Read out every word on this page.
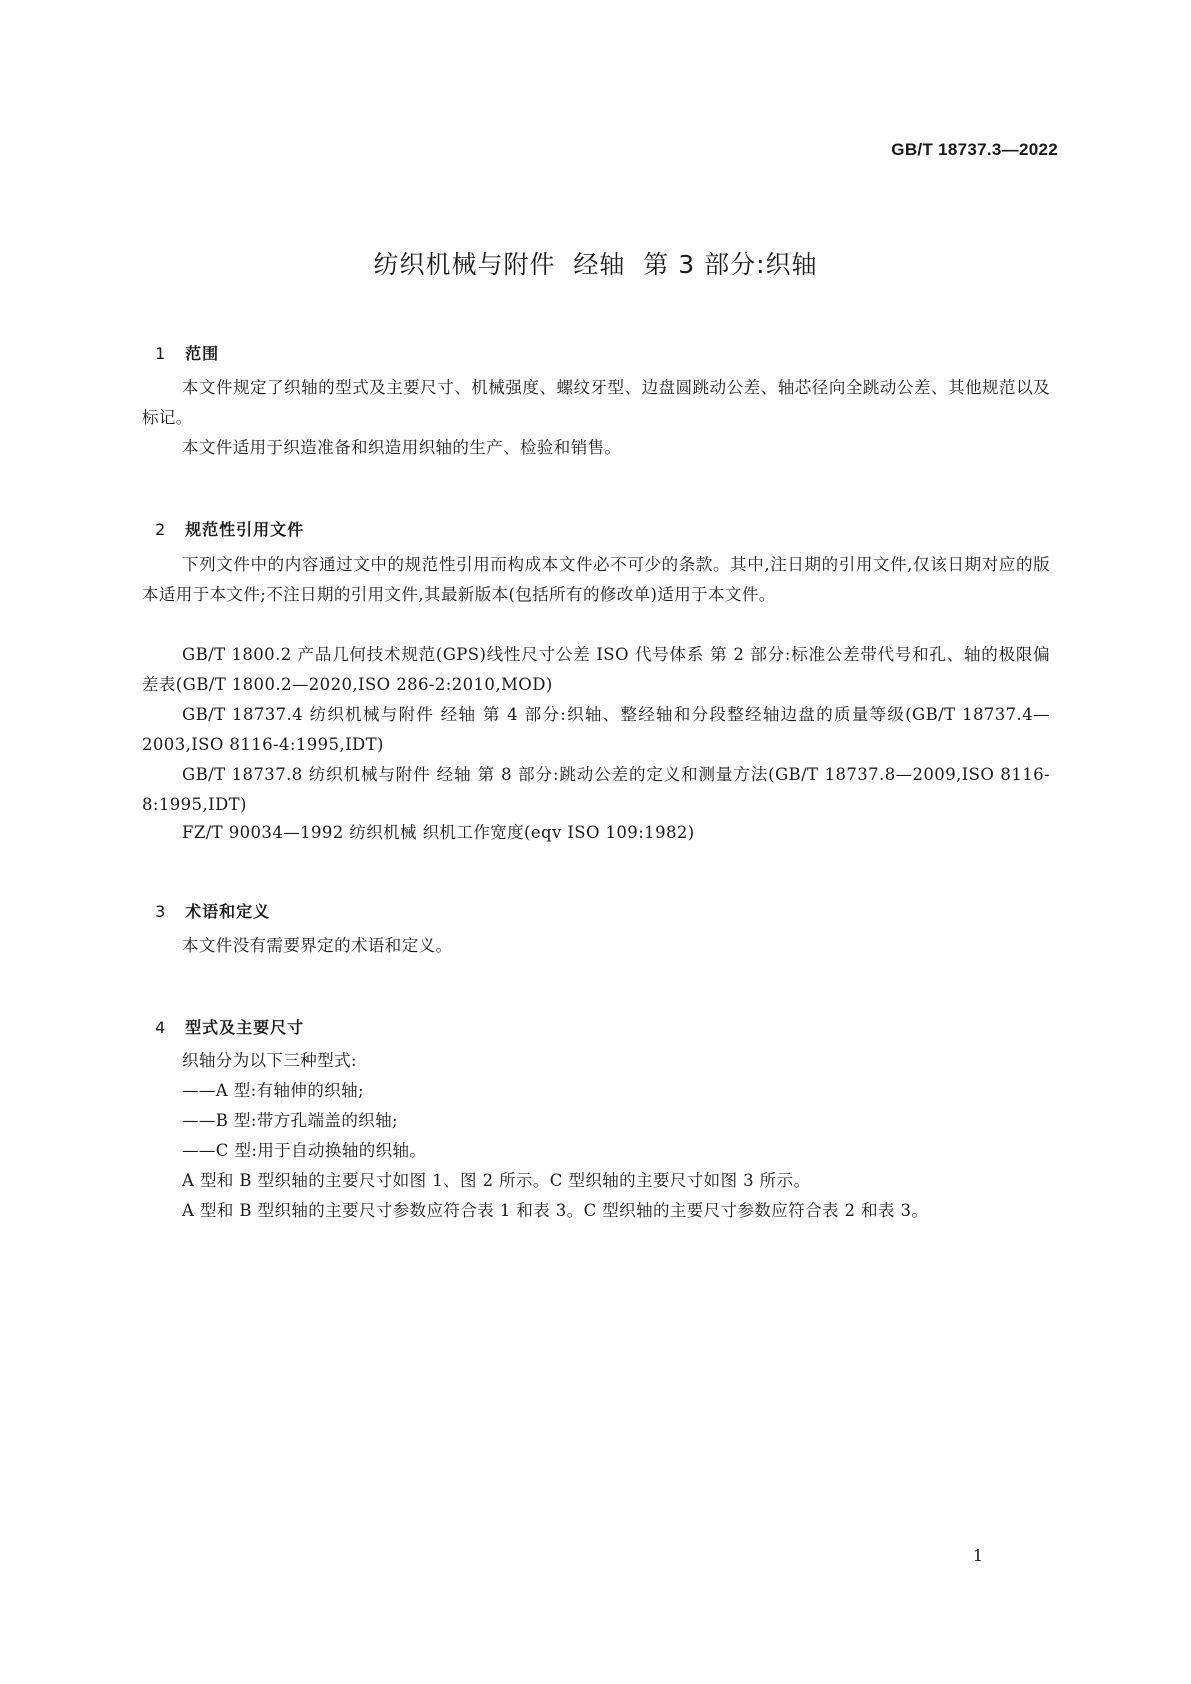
GB/T 18737.3—2022
纺织机械与附件  经轴  第 3 部分:织轴

1 范围

本文件规定了织轴的型式及主要尺寸、机械强度、螺纹牙型、边盘圆跳动公差、轴芯径向全跳动公差、其他规范以及标记。
本文件适用于织造准备和织造用织轴的生产、检验和销售。

2 规范性引用文件

下列文件中的内容通过文中的规范性引用而构成本文件必不可少的条款。其中,注日期的引用文件,仅该日期对应的版本适用于本文件;不注日期的引用文件,其最新版本(包括所有的修改单)适用于本文件。
GB/T 1800.2 产品几何技术规范(GPS)线性尺寸公差 ISO 代号体系 第 2 部分:标准公差带代号和孔、轴的极限偏差表(GB/T 1800.2—2020,ISO 286-2:2010,MOD)
GB/T 18737.4 纺织机械与附件 经轴 第 4 部分:织轴、整经轴和分段整经轴边盘的质量等级(GB/T 18737.4—2003,ISO 8116-4:1995,IDT)
GB/T 18737.8 纺织机械与附件 经轴 第 8 部分:跳动公差的定义和测量方法(GB/T 18737.8—2009,ISO 8116-8:1995,IDT)
FZ/T 90034—1992 纺织机械 织机工作宽度(eqv ISO 109:1982)

3 术语和定义

本文件没有需要界定的术语和定义。

4 型式及主要尺寸

织轴分为以下三种型式:
——A 型:有轴伸的织轴;
——B 型:带方孔端盖的织轴;
——C 型:用于自动换轴的织轴。
A 型和 B 型织轴的主要尺寸如图 1、图 2 所示。C 型织轴的主要尺寸如图 3 所示。
A 型和 B 型织轴的主要尺寸参数应符合表 1 和表 3。C 型织轴的主要尺寸参数应符合表 2 和表 3。
1
